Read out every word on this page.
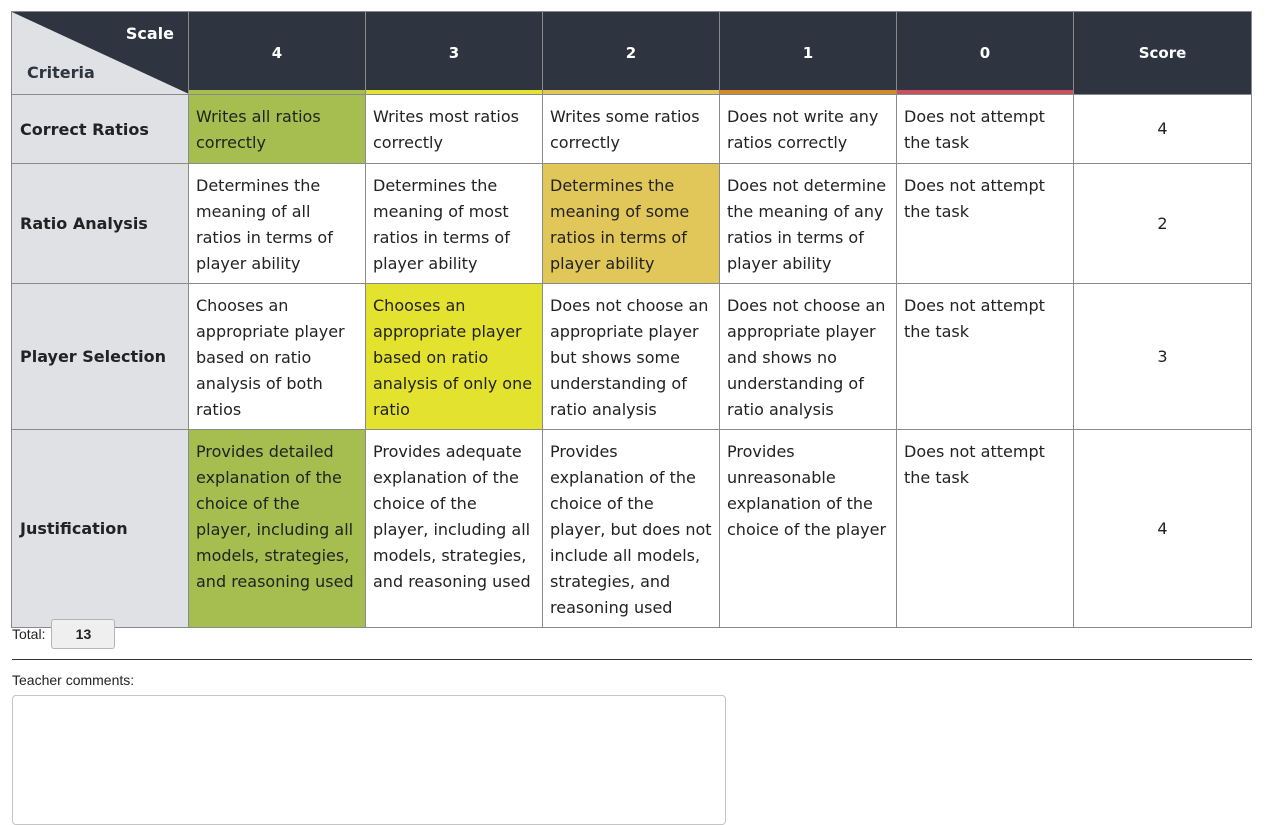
Scale
Criteria	4	3	2	1	0	Score
Correct Ratios	Writes all ratios correctly	Writes most ratios correctly	Writes some ratios correctly	Does not write any ratios correctly	Does not attempt the task	4
Ratio Analysis	Determines the meaning of all ratios in terms of player ability	Determines the meaning of most ratios in terms of player ability	Determines the meaning of some ratios in terms of player ability	Does not determine the meaning of any ratios in terms of player ability	Does not attempt the task	2
Player Selection	Chooses an appropriate player based on ratio analysis of both ratios	Chooses an appropriate player based on ratio analysis of only one ratio	Does not choose an appropriate player but shows some understanding of ratio analysis	Does not choose an appropriate player and shows no understanding of ratio analysis	Does not attempt the task	3
Justification	Provides detailed explanation of the choice of the player, including all models, strategies, and reasoning used	Provides adequate explanation of the choice of the player, including all models, strategies, and reasoning used	Provides explanation of the choice of the player, but does not include all models, strategies, and reasoning used	Provides unreasonable explanation of the choice of the player	Does not attempt the task	4
Total:	13
Teacher comments:
